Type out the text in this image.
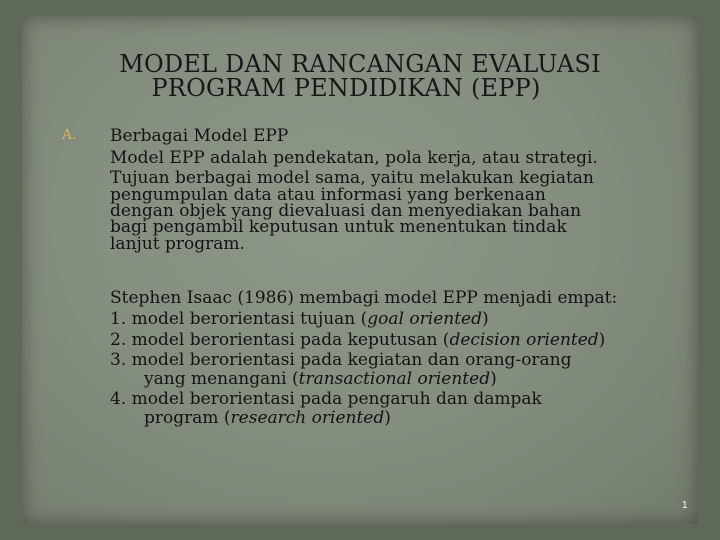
MODEL DAN RANCANGAN EVALUASI
PROGRAM PENDIDIKAN (EPP)
A. Berbagai Model EPP
Model EPP adalah pendekatan, pola kerja, atau strategi.
Tujuan berbagai model sama, yaitu melakukan kegiatan
pengumpulan data atau informasi yang berkenaan
dengan objek yang dievaluasi dan menyediakan bahan
bagi pengambil keputusan untuk menentukan tindak
lanjut program.

Stephen Isaac (1986) membagi model EPP menjadi empat:
1. model berorientasi tujuan (goal oriented)
2. model berorientasi pada keputusan (decision oriented)
3. model berorientasi pada kegiatan dan orang-orang
yang menangani (transactional oriented)
4. model berorientasi pada pengaruh dan dampak
program (research oriented)

1
